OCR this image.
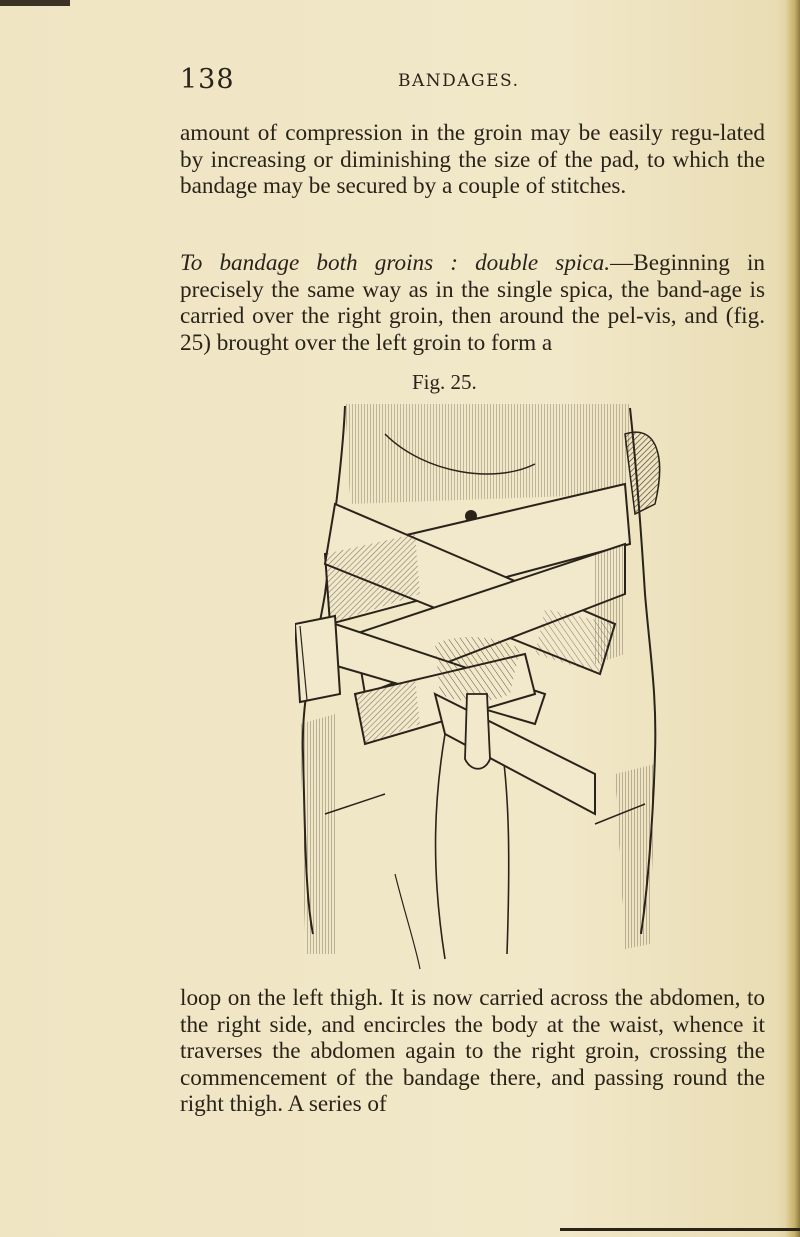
138	BANDAGES.

amount of compression in the groin may be easily regu-lated by increasing or diminishing the size of the pad, to which the bandage may be secured by a couple of stitches.

To bandage both groins : double spica.—Beginning in precisely the same way as in the single spica, the band-age is carried over the right groin, then around the pel-vis, and (fig. 25) brought over the left groin to form a

Fig. 25.

loop on the left thigh. It is now carried across the abdomen, to the right side, and encircles the body at the waist, whence it traverses the abdomen again to the right groin, crossing the commencement of the bandage there, and passing round the right thigh. A series of
